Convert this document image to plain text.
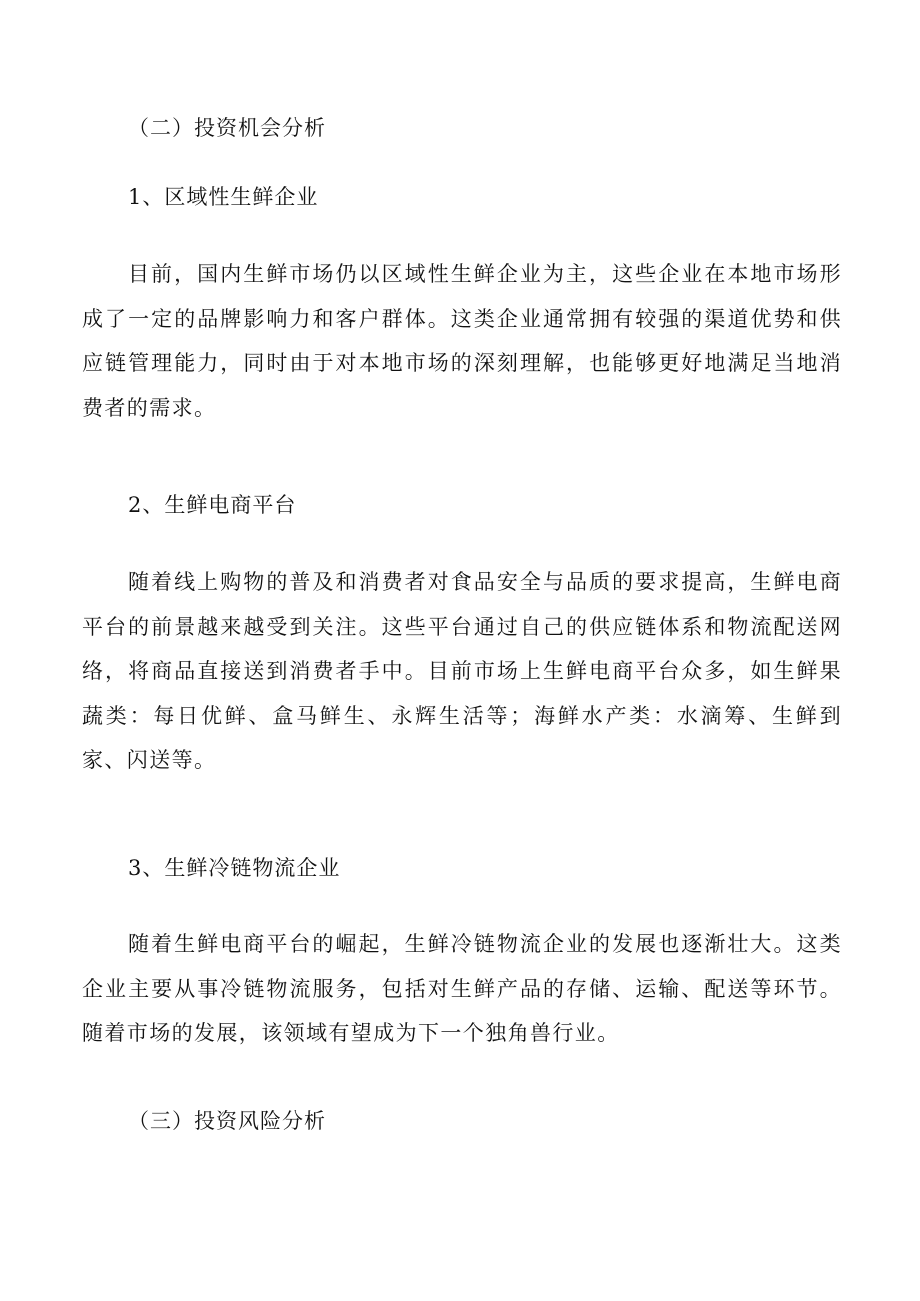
（二）投资机会分析
1、区域性生鲜企业
目前，国内生鲜市场仍以区域性生鲜企业为主，这些企业在本地市场形成了一定的品牌影响力和客户群体。这类企业通常拥有较强的渠道优势和供应链管理能力，同时由于对本地市场的深刻理解，也能够更好地满足当地消费者的需求。
2、生鲜电商平台
随着线上购物的普及和消费者对食品安全与品质的要求提高，生鲜电商平台的前景越来越受到关注。这些平台通过自己的供应链体系和物流配送网络，将商品直接送到消费者手中。目前市场上生鲜电商平台众多，如生鲜果蔬类：每日优鲜、盒马鲜生、永辉生活等；海鲜水产类：水滴筹、生鲜到家、闪送等。
3、生鲜冷链物流企业
随着生鲜电商平台的崛起，生鲜冷链物流企业的发展也逐渐壮大。这类企业主要从事冷链物流服务，包括对生鲜产品的存储、运输、配送等环节。随着市场的发展，该领域有望成为下一个独角兽行业。
（三）投资风险分析
